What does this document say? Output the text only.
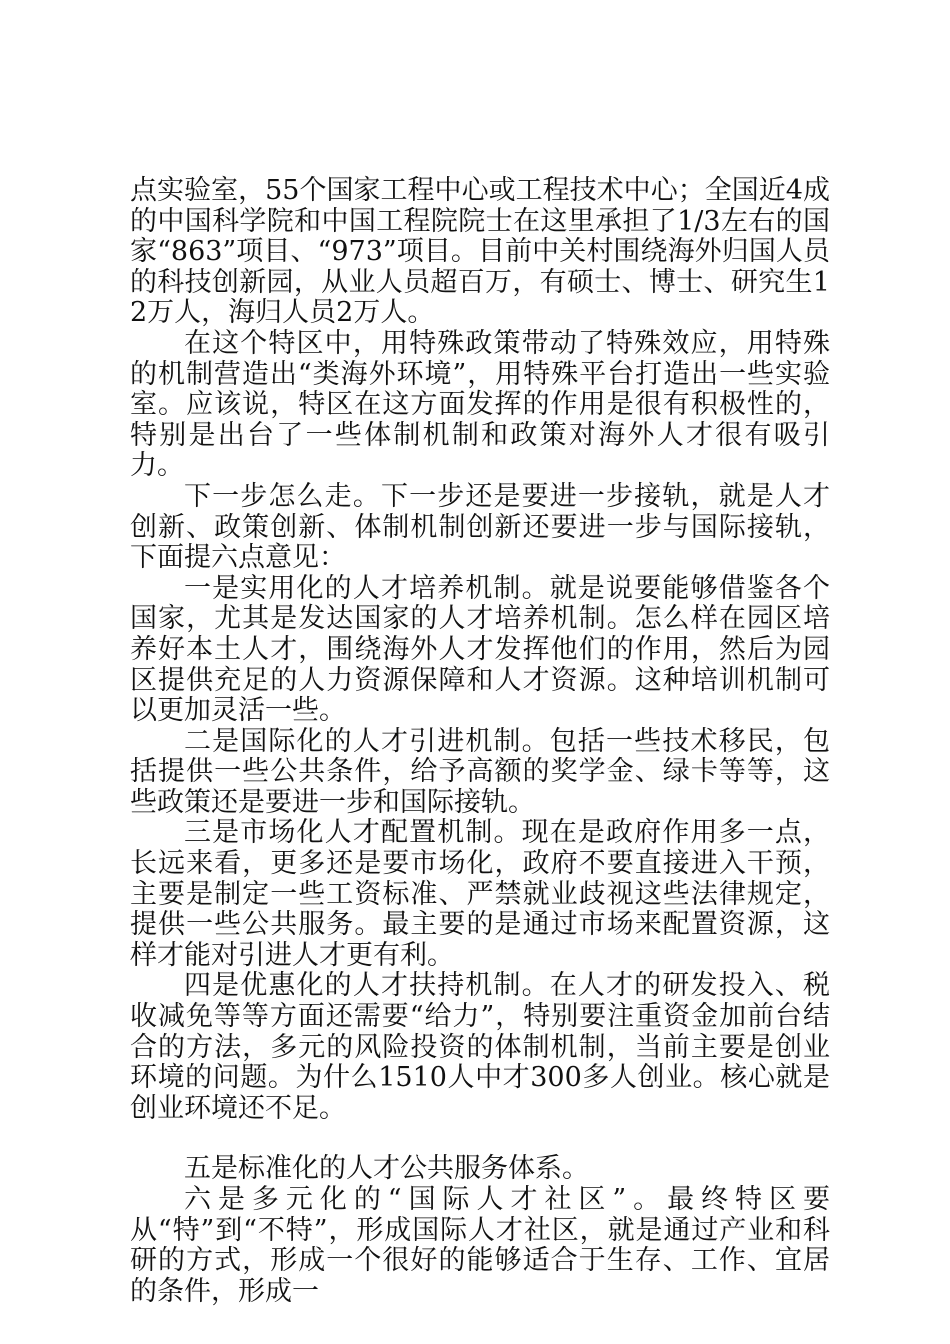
点实验室，55个国家工程中心或工程技术中心；全国近4成的中国科学院和中国工程院院士在这里承担了1/3左右的国家“863”项目、“973”项目。目前中关村围绕海外归国人员的科技创新园，从业人员超百万，有硕士、博士、研究生12万人，海归人员2万人。

在这个特区中，用特殊政策带动了特殊效应，用特殊的机制营造出“类海外环境”，用特殊平台打造出一些实验室。应该说，特区在这方面发挥的作用是很有积极性的，特别是出台了一些体制机制和政策对海外人才很有吸引力。

下一步怎么走。下一步还是要进一步接轨，就是人才创新、政策创新、体制机制创新还要进一步与国际接轨，下面提六点意见：

一是实用化的人才培养机制。就是说要能够借鉴各个国家，尤其是发达国家的人才培养机制。怎么样在园区培养好本土人才，围绕海外人才发挥他们的作用，然后为园区提供充足的人力资源保障和人才资源。这种培训机制可以更加灵活一些。

二是国际化的人才引进机制。包括一些技术移民，包括提供一些公共条件，给予高额的奖学金、绿卡等等，这些政策还是要进一步和国际接轨。

三是市场化人才配置机制。现在是政府作用多一点，长远来看，更多还是要市场化，政府不要直接进入干预，主要是制定一些工资标准、严禁就业歧视这些法律规定，提供一些公共服务。最主要的是通过市场来配置资源，这样才能对引进人才更有利。

四是优惠化的人才扶持机制。在人才的研发投入、税收减免等等方面还需要“给力”，特别要注重资金加前台结合的方法，多元的风险投资的体制机制，当前主要是创业环境的问题。为什么1510人中才300多人创业。核心就是创业环境还不足。

五是标准化的人才公共服务体系。

六是多元化的“国际人才社区”。最终特区要从“特”到“不特”，形成国际人才社区，就是通过产业和科研的方式，形成一个很好的能够适合于生存、工作、宜居的条件，形成一
